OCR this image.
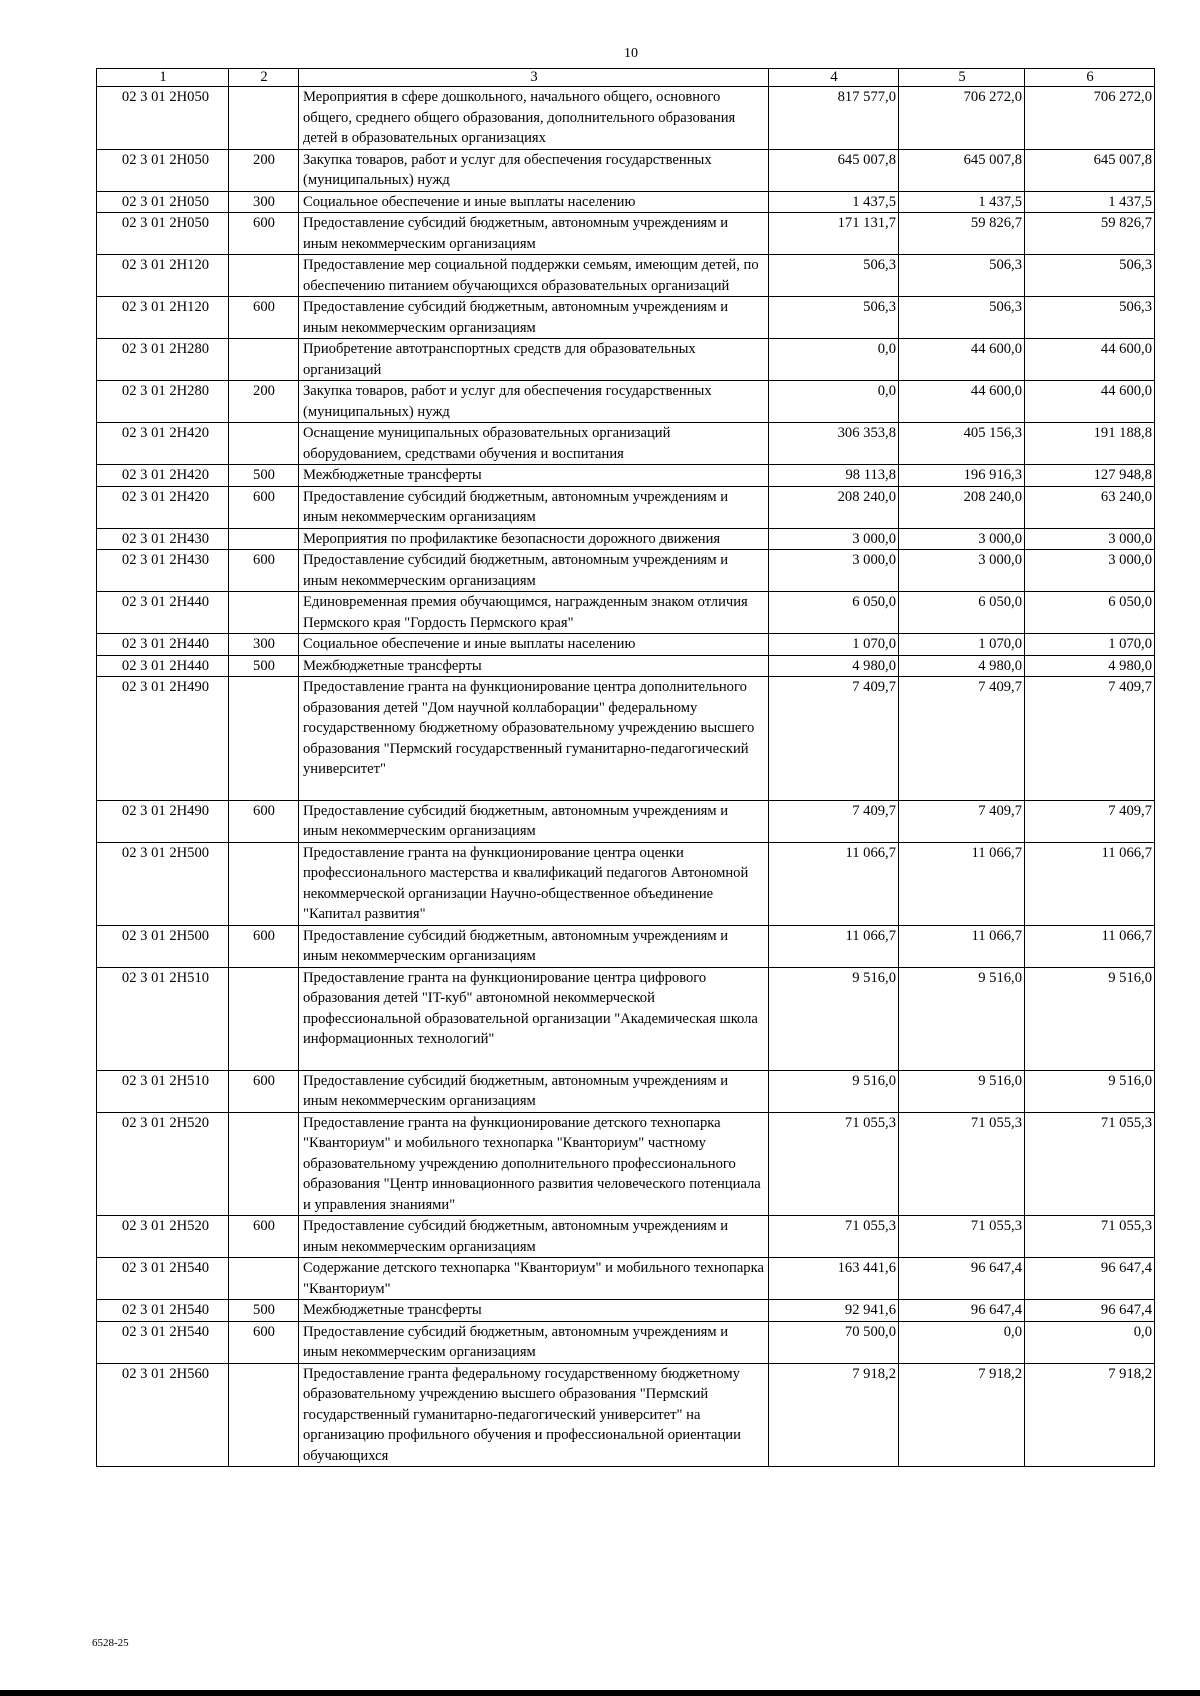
10
1	2	3	4	5	6
02 3 01 2Н050		Мероприятия в сфере дошкольного, начального общего, основного общего, среднего общего образования, дополнительного образования детей в образовательных организациях	817 577,0	706 272,0	706 272,0
02 3 01 2Н050	200	Закупка товаров, работ и услуг для обеспечения государственных (муниципальных) нужд	645 007,8	645 007,8	645 007,8
02 3 01 2Н050	300	Социальное обеспечение и иные выплаты населению	1 437,5	1 437,5	1 437,5
02 3 01 2Н050	600	Предоставление субсидий бюджетным, автономным учреждениям и иным некоммерческим организациям	171 131,7	59 826,7	59 826,7
02 3 01 2Н120		Предоставление мер социальной поддержки семьям, имеющим детей, по обеспечению питанием обучающихся образовательных организаций	506,3	506,3	506,3
02 3 01 2Н120	600	Предоставление субсидий бюджетным, автономным учреждениям и иным некоммерческим организациям	506,3	506,3	506,3
02 3 01 2Н280		Приобретение автотранспортных средств для образовательных организаций	0,0	44 600,0	44 600,0
02 3 01 2Н280	200	Закупка товаров, работ и услуг для обеспечения государственных (муниципальных) нужд	0,0	44 600,0	44 600,0
02 3 01 2Н420		Оснащение муниципальных образовательных организаций оборудованием, средствами обучения и воспитания	306 353,8	405 156,3	191 188,8
02 3 01 2Н420	500	Межбюджетные трансферты	98 113,8	196 916,3	127 948,8
02 3 01 2Н420	600	Предоставление субсидий бюджетным, автономным учреждениям и иным некоммерческим организациям	208 240,0	208 240,0	63 240,0
02 3 01 2Н430		Мероприятия по профилактике безопасности дорожного движения	3 000,0	3 000,0	3 000,0
02 3 01 2Н430	600	Предоставление субсидий бюджетным, автономным учреждениям и иным некоммерческим организациям	3 000,0	3 000,0	3 000,0
02 3 01 2Н440		Единовременная премия обучающимся, награжденным знаком отличия Пермского края "Гордость Пермского края"	6 050,0	6 050,0	6 050,0
02 3 01 2Н440	300	Социальное обеспечение и иные выплаты населению	1 070,0	1 070,0	1 070,0
02 3 01 2Н440	500	Межбюджетные трансферты	4 980,0	4 980,0	4 980,0
02 3 01 2Н490		Предоставление гранта на функционирование центра дополнительного образования детей "Дом научной коллаборации" федеральному государственному бюджетному образовательному учреждению высшего образования "Пермский государственный гуманитарно-педагогический университет"	7 409,7	7 409,7	7 409,7
02 3 01 2Н490	600	Предоставление субсидий бюджетным, автономным учреждениям и иным некоммерческим организациям	7 409,7	7 409,7	7 409,7
02 3 01 2Н500		Предоставление гранта на функционирование центра оценки профессионального мастерства и квалификаций педагогов Автономной некоммерческой организации Научно-общественное объединение "Капитал развития"	11 066,7	11 066,7	11 066,7
02 3 01 2Н500	600	Предоставление субсидий бюджетным, автономным учреждениям и иным некоммерческим организациям	11 066,7	11 066,7	11 066,7
02 3 01 2Н510		Предоставление гранта на функционирование центра цифрового образования детей "IT-куб" автономной некоммерческой профессиональной образовательной организации "Академическая школа информационных технологий"	9 516,0	9 516,0	9 516,0
02 3 01 2Н510	600	Предоставление субсидий бюджетным, автономным учреждениям и иным некоммерческим организациям	9 516,0	9 516,0	9 516,0
02 3 01 2Н520		Предоставление гранта на функционирование детского технопарка "Кванториум" и мобильного технопарка "Кванториум" частному образовательному учреждению дополнительного профессионального образования "Центр инновационного развития человеческого потенциала и управления знаниями"	71 055,3	71 055,3	71 055,3
02 3 01 2Н520	600	Предоставление субсидий бюджетным, автономным учреждениям и иным некоммерческим организациям	71 055,3	71 055,3	71 055,3
02 3 01 2Н540		Содержание детского технопарка "Кванториум" и мобильного технопарка "Кванториум"	163 441,6	96 647,4	96 647,4
02 3 01 2Н540	500	Межбюджетные трансферты	92 941,6	96 647,4	96 647,4
02 3 01 2Н540	600	Предоставление субсидий бюджетным, автономным учреждениям и иным некоммерческим организациям	70 500,0	0,0	0,0
02 3 01 2Н560		Предоставление гранта федеральному государственному бюджетному образовательному учреждению высшего образования "Пермский государственный гуманитарно-педагогический университет" на организацию профильного обучения и профессиональной ориентации обучающихся	7 918,2	7 918,2	7 918,2
6528-25
